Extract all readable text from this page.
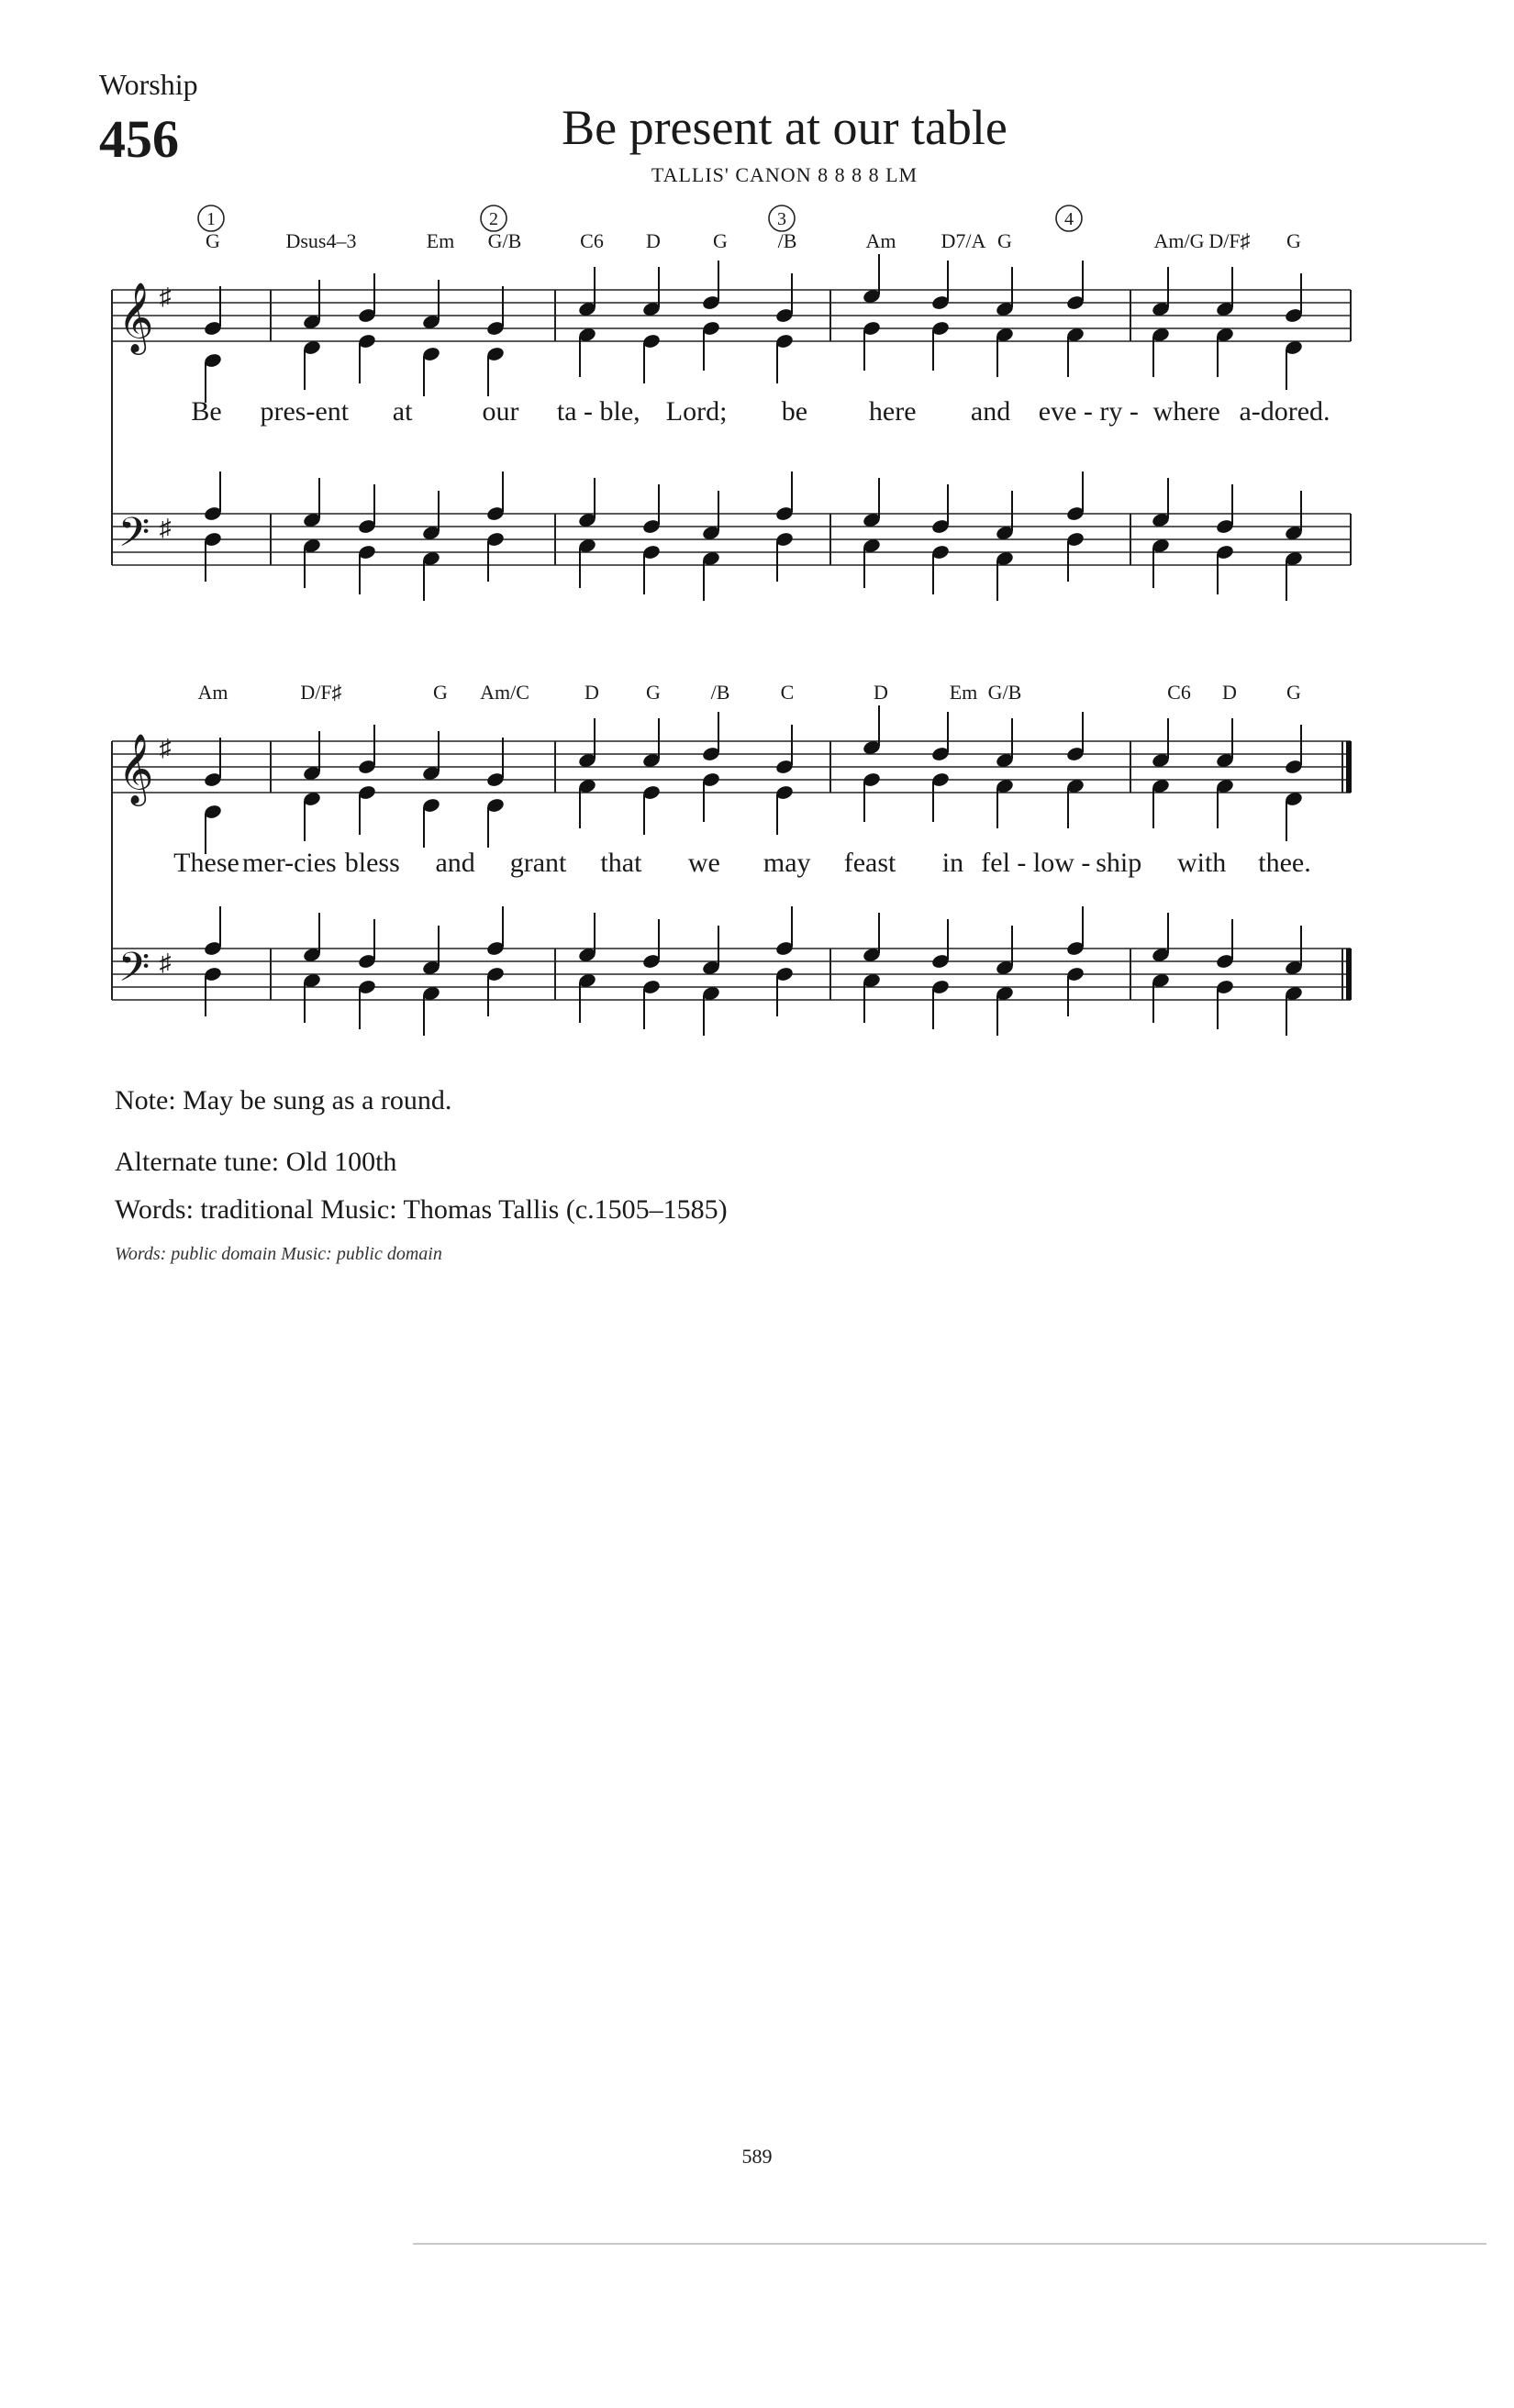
Worship
456	Be present at our table
TALLIS' CANON 8 8 8 8 LM
𝄞
𝄢
♯
♯
G	Dsus4–3	Em G/B	C6 D	G /B	Am D7/A G	Am/G D/F♯ G
1	2	3	4
Be pres-ent at	our ta - ble, Lord; be here and eve - ry - where a-dored.
𝄞
𝄢
♯
♯
Am	D/F♯	G Am/C	D G /B	C	D	Em G/B	C6 D G
These mer-cies bless and grant that we may feast in fel - low - ship with thee.
Note: May be sung as a round.
Alternate tune: Old 100th
Words: traditional Music: Thomas Tallis (c.1505–1585)
Words: public domain Music: public domain
589
